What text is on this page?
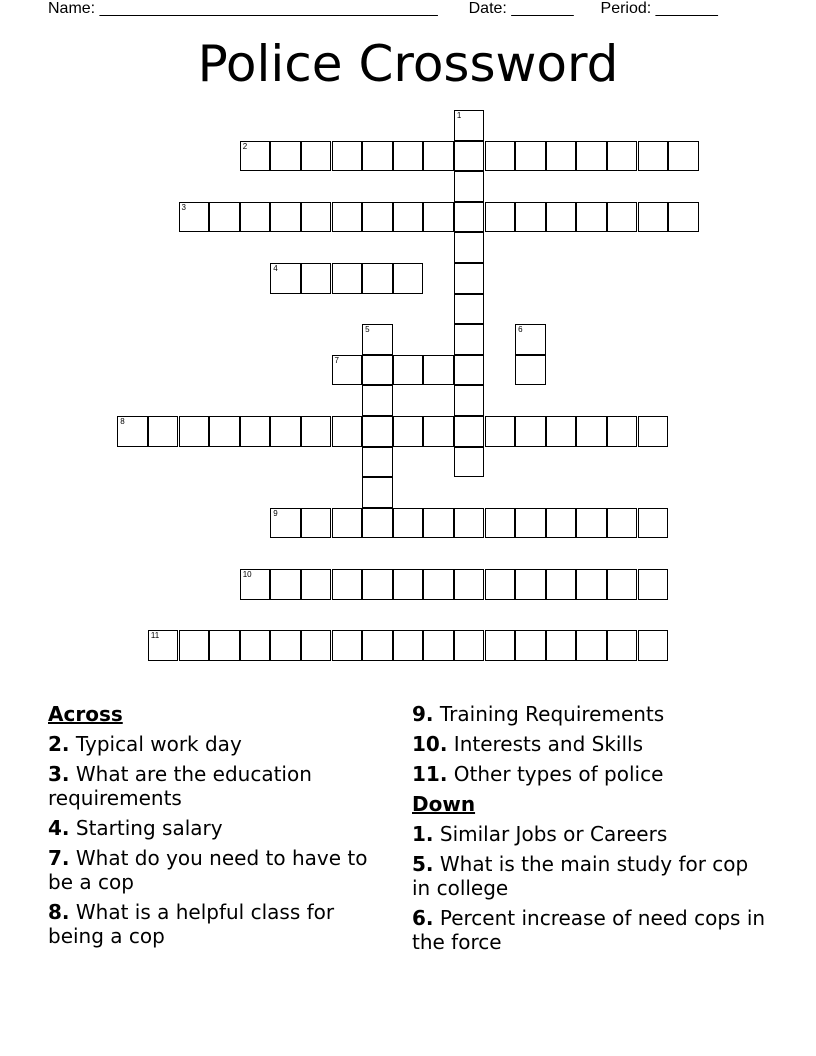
Name: ______________________________________ Date: _______ Period: _______
Police Crossword
1
2
3
4
5	6
7
8
9
10
11
Across
2. Typical work day
3. What are the education requirements
4. Starting salary
7. What do you need to have to be a cop
8. What is a helpful class for being a cop
9. Training Requirements
10. Interests and Skills
11. Other types of police
Down
1. Similar Jobs or Careers
5. What is the main study for cop in college
6. Percent increase of need cops in the force
